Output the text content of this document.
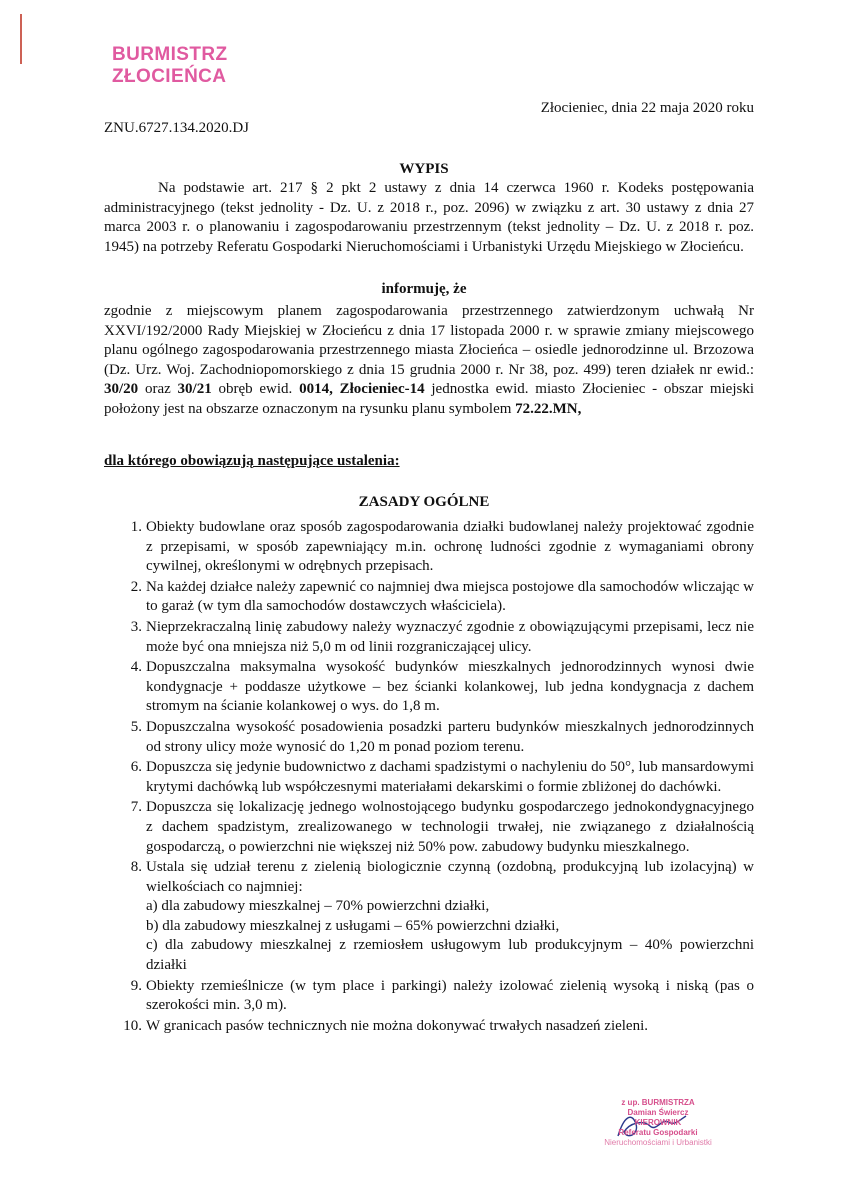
BURMISTRZ
ZŁOCIEŃCA
Złocieniec, dnia 22 maja 2020 roku
ZNU.6727.134.2020.DJ
WYPIS

Na podstawie art. 217 § 2 pkt 2 ustawy z dnia 14 czerwca 1960 r. Kodeks postępowania administracyjnego (tekst jednolity - Dz. U. z 2018 r., poz. 2096) w związku z art. 30 ustawy z dnia 27 marca 2003 r. o planowaniu i zagospodarowaniu przestrzennym (tekst jednolity – Dz. U. z 2018 r. poz. 1945) na potrzeby Referatu Gospodarki Nieruchomościami i Urbanistyki Urzędu Miejskiego w Złocieńcu.

informuję, że

zgodnie z miejscowym planem zagospodarowania przestrzennego zatwierdzonym uchwałą Nr XXVI/192/2000 Rady Miejskiej w Złocieńcu z dnia 17 listopada 2000 r. w sprawie zmiany miejscowego planu ogólnego zagospodarowania przestrzennego miasta Złocieńca – osiedle jednorodzinne ul. Brzozowa (Dz. Urz. Woj. Zachodniopomorskiego z dnia 15 grudnia 2000 r. Nr 38, poz. 499) teren działek nr ewid.: 30/20 oraz 30/21 obręb ewid. 0014, Złocieniec-14 jednostka ewid. miasto Złocieniec - obszar miejski położony jest na obszarze oznaczonym na rysunku planu symbolem 72.22.MN,

dla którego obowiązują następujące ustalenia:
ZASADY OGÓLNE
1. Obiekty budowlane oraz sposób zagospodarowania działki budowlanej należy projektować zgodnie z przepisami, w sposób zapewniający m.in. ochronę ludności zgodnie z wymaganiami obrony cywilnej, określonymi w odrębnych przepisach.
2. Na każdej działce należy zapewnić co najmniej dwa miejsca postojowe dla samochodów wliczając w to garaż (w tym dla samochodów dostawczych właściciela).
3. Nieprzekraczalną linię zabudowy należy wyznaczyć zgodnie z obowiązującymi przepisami, lecz nie może być ona mniejsza niż 5,0 m od linii rozgraniczającej ulicy.
4. Dopuszczalna maksymalna wysokość budynków mieszkalnych jednorodzinnych wynosi dwie kondygnacje + poddasze użytkowe – bez ścianki kolankowej, lub jedna kondygnacja z dachem stromym na ścianie kolankowej o wys. do 1,8 m.
5. Dopuszczalna wysokość posadowienia posadzki parteru budynków mieszkalnych jednorodzinnych od strony ulicy może wynosić do 1,20 m ponad poziom terenu.
6. Dopuszcza się jedynie budownictwo z dachami spadzistymi o nachyleniu do 50°, lub mansardowymi krytymi dachówką lub współczesnymi materiałami dekarskimi o formie zbliżonej do dachówki.
7. Dopuszcza się lokalizację jednego wolnostojącego budynku gospodarczego jednokondygnacyjnego z dachem spadzistym, zrealizowanego w technologii trwałej, nie związanego z działalnością gospodarczą, o powierzchni nie większej niż 50% pow. zabudowy budynku mieszkalnego.
8. Ustala się udział terenu z zielenią biologicznie czynną (ozdobną, produkcyjną lub izolacyjną) w wielkościach co najmniej:
a) dla zabudowy mieszkalnej – 70% powierzchni działki,
b) dla zabudowy mieszkalnej z usługami – 65% powierzchni działki,
c) dla zabudowy mieszkalnej z rzemiosłem usługowym lub produkcyjnym – 40% powierzchni działki
9. Obiekty rzemieślnicze (w tym place i parkingi) należy izolować zielenią wysoką i niską (pas o szerokości min. 3,0 m).
10. W granicach pasów technicznych nie można dokonywać trwałych nasadzeń zieleni.
z up. BURMISTRZA
Damian Świercz
KIEROWNIK
Referatu Gospodarki
Nieruchomościami i Urbanistki
